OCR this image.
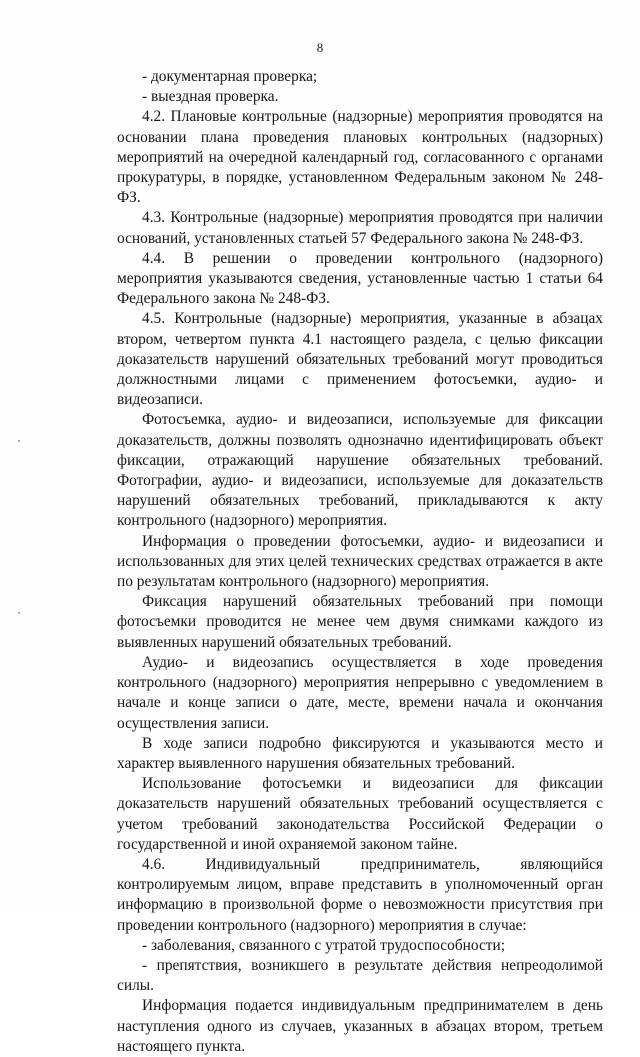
8

- документарная проверка;

- выездная проверка.

4.2. Плановые контрольные (надзорные) мероприятия проводятся на основании плана проведения плановых контрольных (надзорных) мероприятий на очередной календарный год, согласованного с органами прокуратуры, в порядке, установленном Федеральным законом № 248-ФЗ.

4.3. Контрольные (надзорные) мероприятия проводятся при наличии оснований, установленных статьей 57 Федерального закона № 248-ФЗ.

4.4. В решении о проведении контрольного (надзорного) мероприятия указываются сведения, установленные частью 1 статьи 64 Федерального закона № 248-ФЗ.

4.5. Контрольные (надзорные) мероприятия, указанные в абзацах втором, четвертом пункта 4.1 настоящего раздела, с целью фиксации доказательств нарушений обязательных требований могут проводиться должностными лицами с применением фотосъемки, аудио- и видеозаписи.

Фотосъемка, аудио- и видеозаписи, используемые для фиксации доказательств, должны позволять однозначно идентифицировать объект фиксации, отражающий нарушение обязательных требований. Фотографии, аудио- и видеозаписи, используемые для доказательств нарушений обязательных требований, прикладываются к акту контрольного (надзорного) мероприятия.

Информация о проведении фотосъемки, аудио- и видеозаписи и использованных для этих целей технических средствах отражается в акте по результатам контрольного (надзорного) мероприятия.

Фиксация нарушений обязательных требований при помощи фотосъемки проводится не менее чем двумя снимками каждого из выявленных нарушений обязательных требований.

Аудио- и видеозапись осуществляется в ходе проведения контрольного (надзорного) мероприятия непрерывно с уведомлением в начале и конце записи о дате, месте, времени начала и окончания осуществления записи.

В ходе записи подробно фиксируются и указываются место и характер выявленного нарушения обязательных требований.

Использование фотосъемки и видеозаписи для фиксации доказательств нарушений обязательных требований осуществляется с учетом требований законодательства Российской Федерации о государственной и иной охраняемой законом тайне.

4.6. Индивидуальный предприниматель, являющийся контролируемым лицом, вправе представить в уполномоченный орган информацию в произвольной форме о невозможности присутствия при проведении контрольного (надзорного) мероприятия в случае:

- заболевания, связанного с утратой трудоспособности;

- препятствия, возникшего в результате действия непреодолимой силы.

Информация подается индивидуальным предпринимателем в день наступления одного из случаев, указанных в абзацах втором, третьем настоящего пункта.
